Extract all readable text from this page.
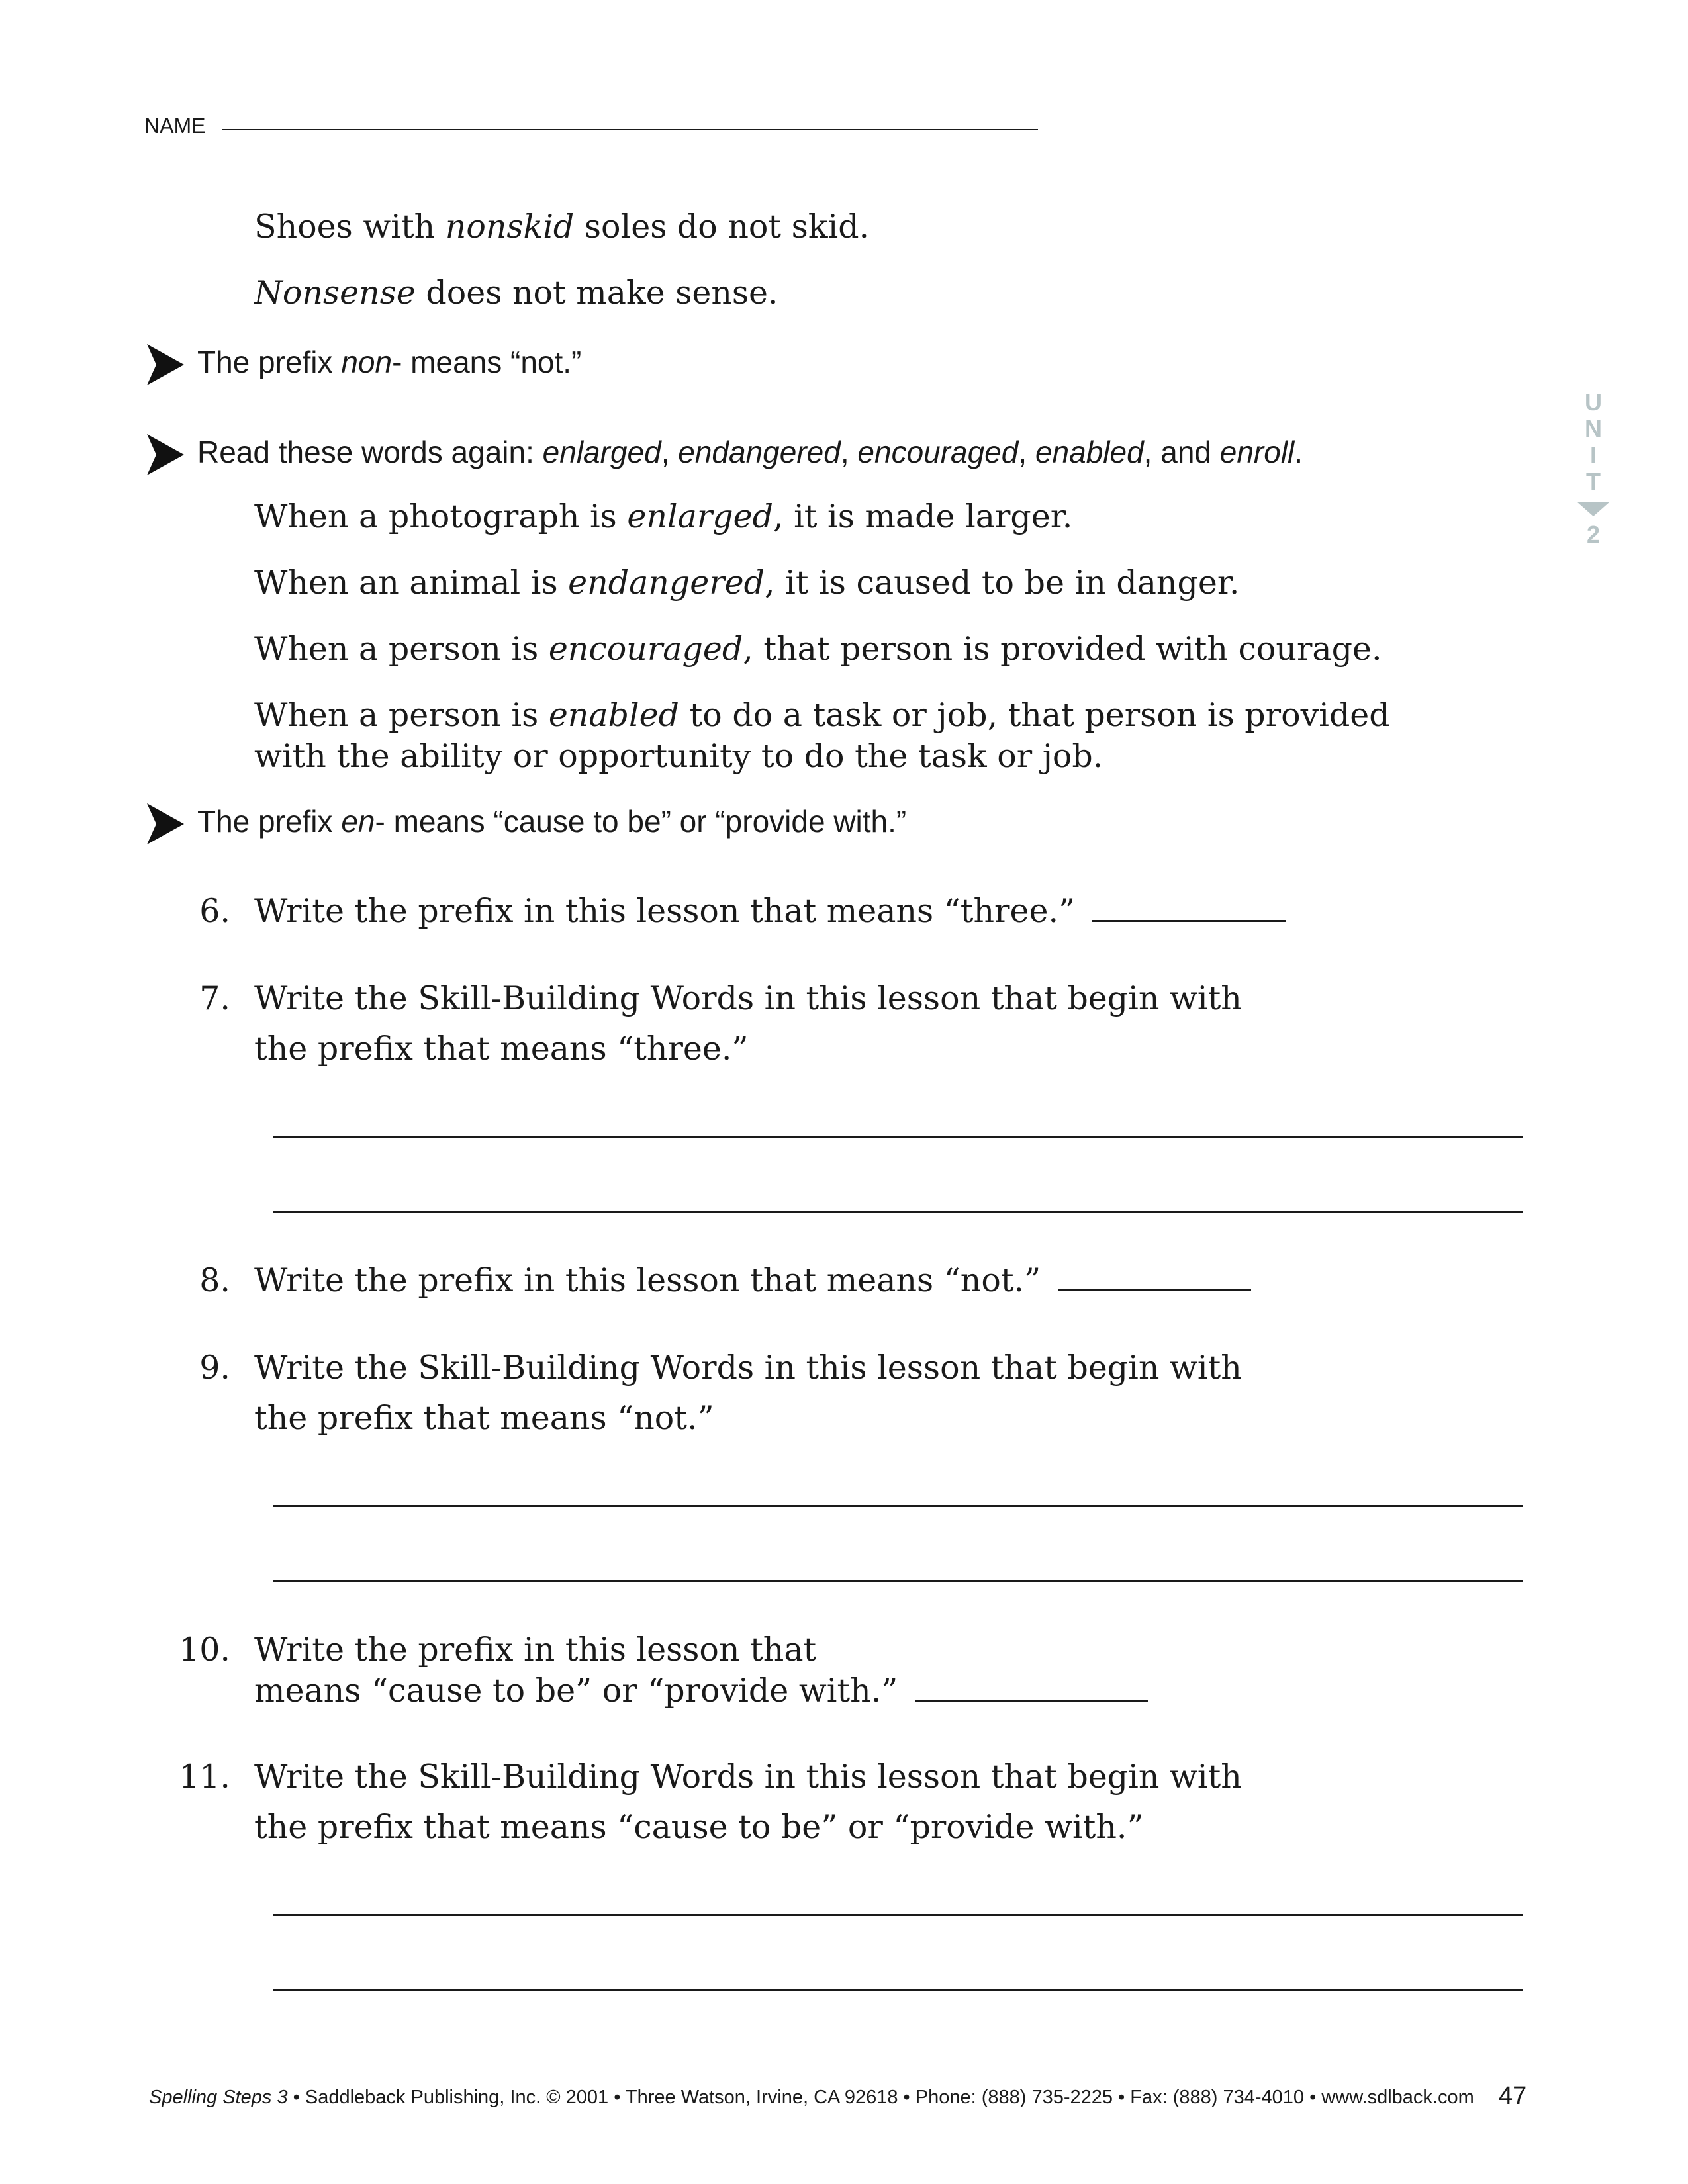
NAME
Shoes with nonskid soles do not skid.
Nonsense does not make sense.
The prefix non- means “not.”
U
N
I
T
2
Read these words again: enlarged, endangered, encouraged, enabled, and enroll.
When a photograph is enlarged, it is made larger.
When an animal is endangered, it is caused to be in danger.
When a person is encouraged, that person is provided with courage.
When a person is enabled to do a task or job, that person is provided
with the ability or opportunity to do the task or job.
The prefix en- means “cause to be” or “provide with.”
6. Write the prefix in this lesson that means “three.”
7. Write the Skill-Building Words in this lesson that begin with
the prefix that means “three.”
8. Write the prefix in this lesson that means “not.”
9. Write the Skill-Building Words in this lesson that begin with
the prefix that means “not.”
10. Write the prefix in this lesson that
means “cause to be” or “provide with.”
11. Write the Skill-Building Words in this lesson that begin with
the prefix that means “cause to be” or “provide with.”
Spelling Steps 3 • Saddleback Publishing, Inc. © 2001 • Three Watson, Irvine, CA 92618 • Phone: (888) 735-2225 • Fax: (888) 734-4010 • www.sdlback.com 47
